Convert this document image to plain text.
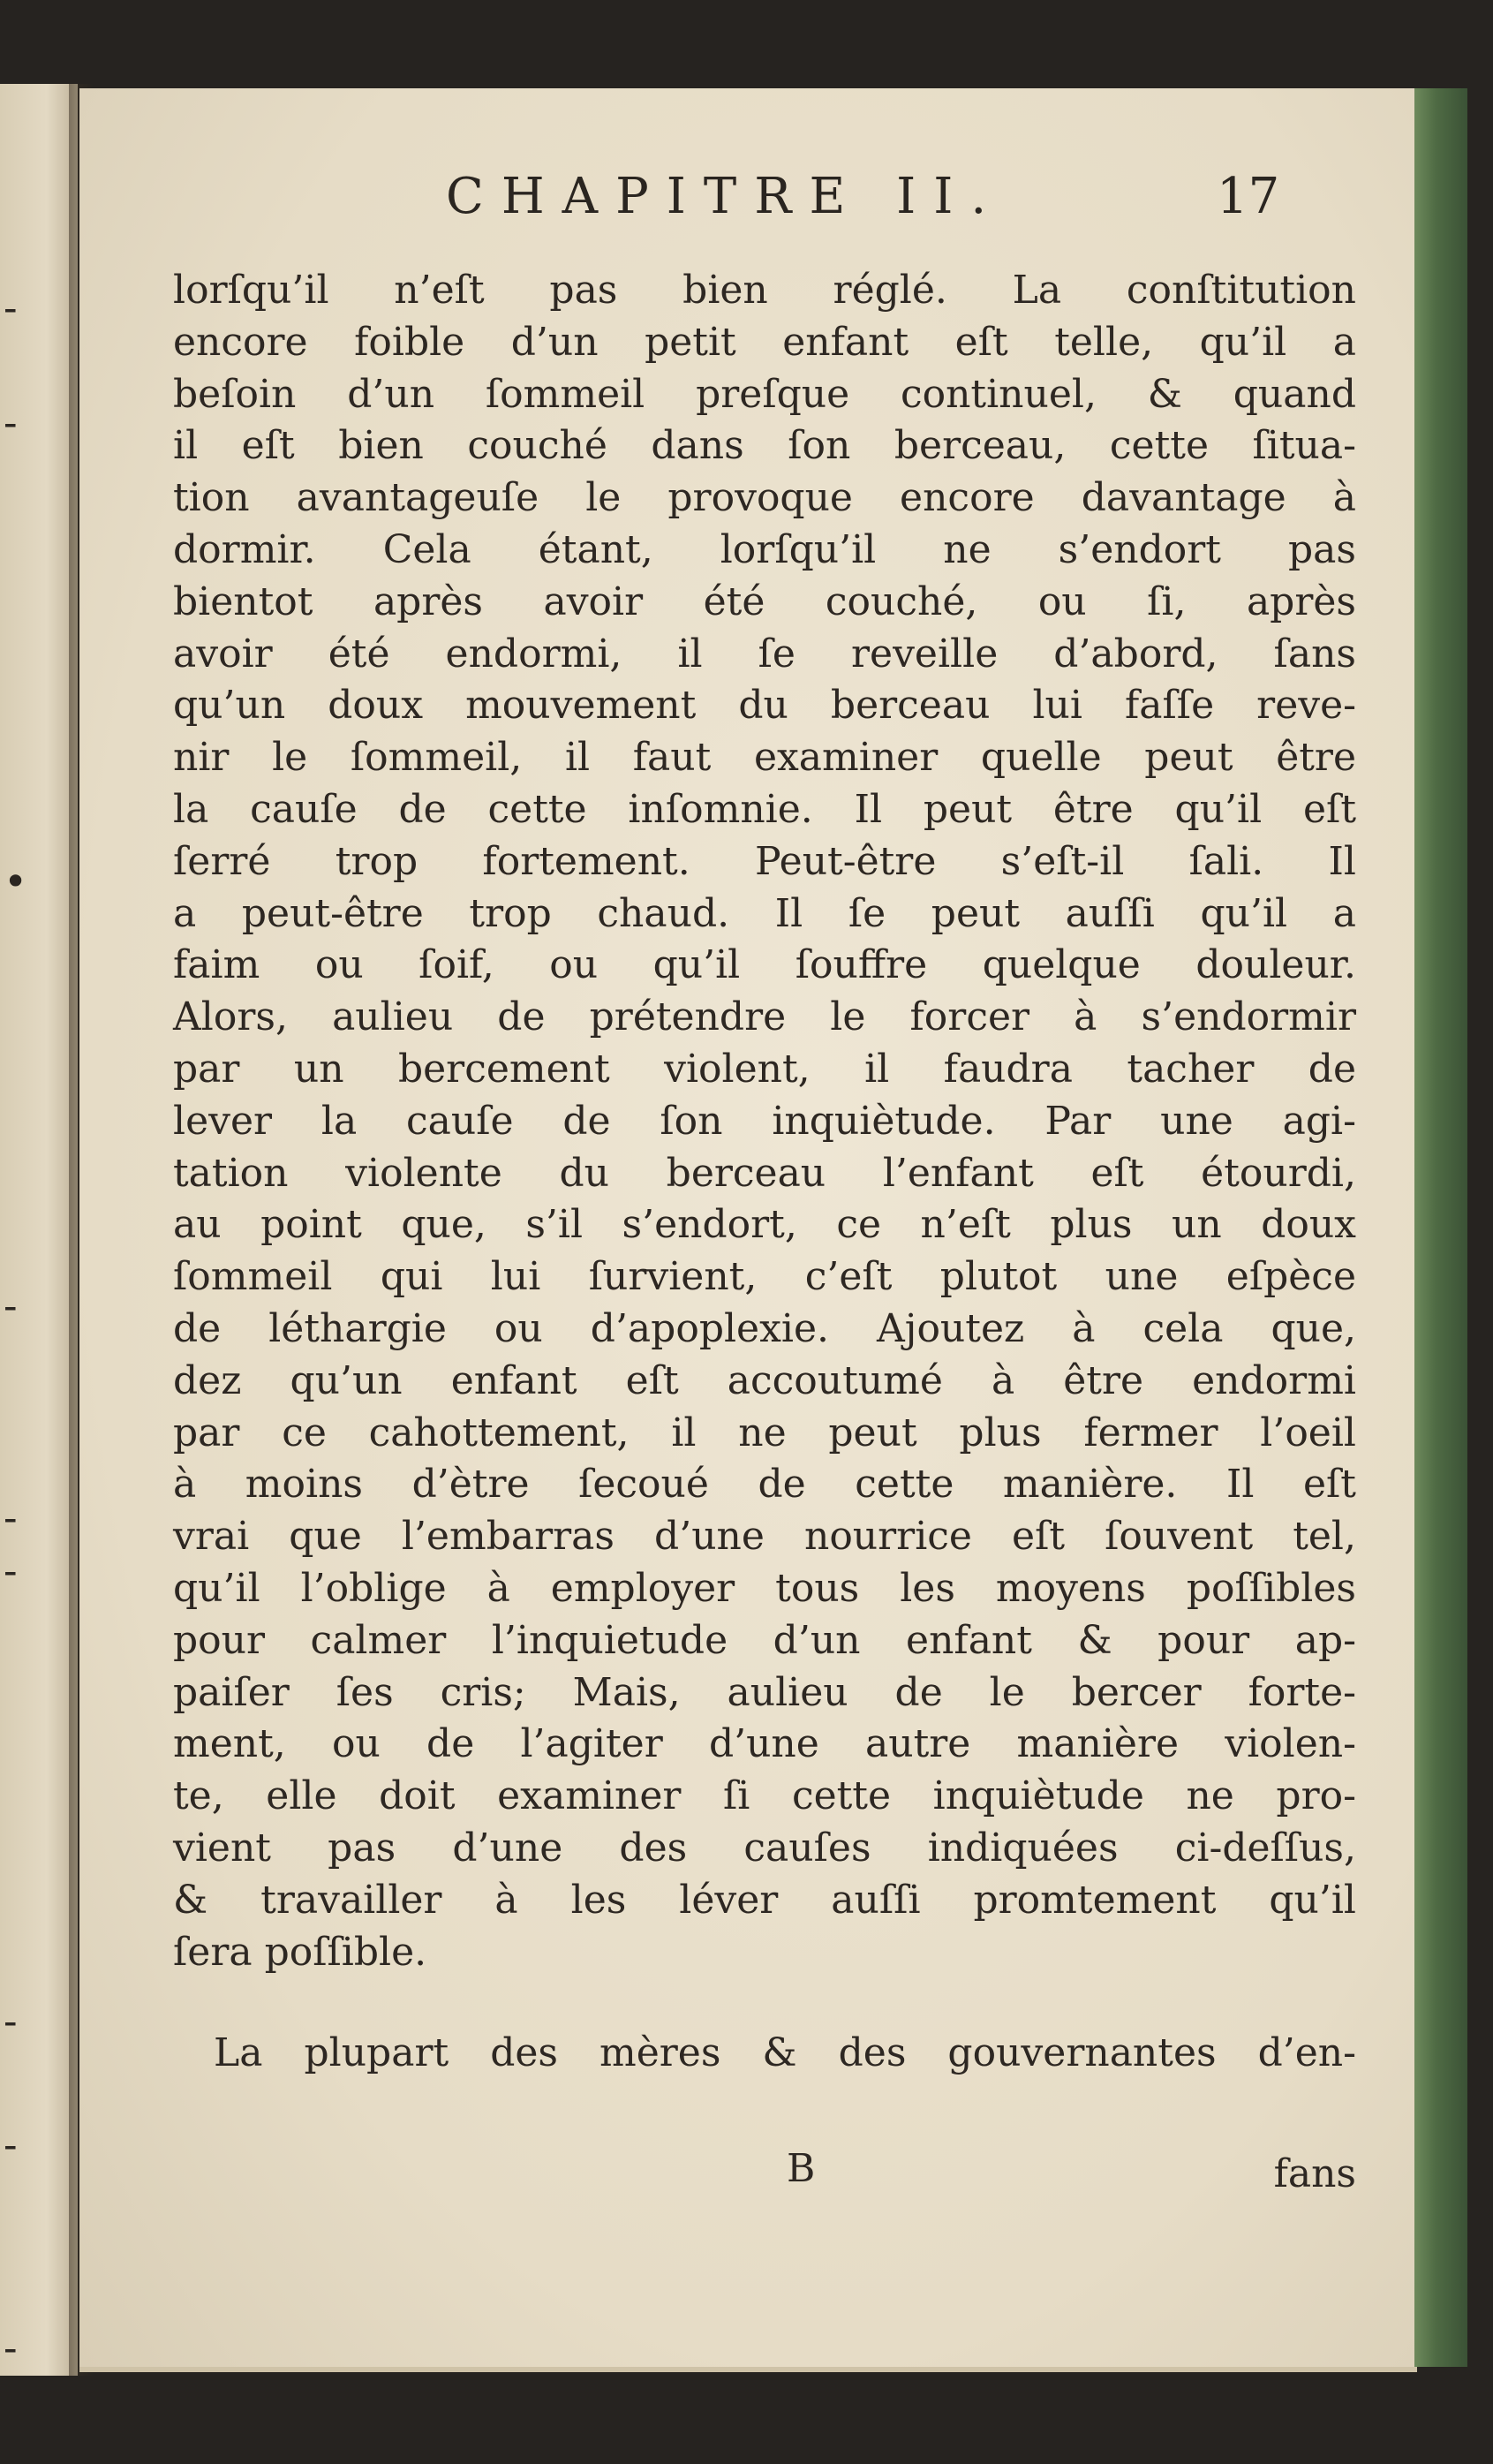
-
-
•
-
-
-
-
-
-
CHAPITRE II.	17
lorſqu’il n’eſt pas bien réglé. La conſtitution
encore foible d’un petit enfant eſt telle, qu’il a
beſoin d’un ſommeil preſque continuel, & quand
il eſt bien couché dans ſon berceau, cette ſitua-
tion avantageuſe le provoque encore davantage à
dormir. Cela étant, lorſqu’il ne s’endort pas
bientot après avoir été couché, ou ſi, après
avoir été endormi, il ſe reveille d’abord, ſans
qu’un doux mouvement du berceau lui faſſe reve-
nir le ſommeil, il faut examiner quelle peut être
la cauſe de cette inſomnie. Il peut être qu’il eſt
ſerré trop fortement. Peut-être s’eſt-il ſali. Il
a peut-être trop chaud. Il ſe peut auſſi qu’il a
faim ou ſoif, ou qu’il ſouffre quelque douleur.
Alors, aulieu de prétendre le forcer à s’endormir
par un bercement violent, il faudra tacher de
lever la cauſe de ſon inquiètude. Par une agi-
tation violente du berceau l’enfant eſt étourdi,
au point que, s’il s’endort, ce n’eſt plus un doux
ſommeil qui lui ſurvient, c’eſt plutot une eſpèce
de léthargie ou d’apoplexie. Ajoutez à cela que,
dez qu’un enfant eſt accoutumé à être endormi
par ce cahottement, il ne peut plus fermer l’oeil
à moins d’ètre ſecoué de cette manière. Il eſt
vrai que l’embarras d’une nourrice eſt ſouvent tel,
qu’il l’oblige à employer tous les moyens poſſibles
pour calmer l’inquietude d’un enfant & pour ap-
paiſer ſes cris; Mais, aulieu de le bercer forte-
ment, ou de l’agiter d’une autre manière violen-
te, elle doit examiner ſi cette inquiètude ne pro-
vient pas d’une des cauſes indiquées ci-deſſus,
& travailler à les léver auſſi promtement qu’il
ſera poſſible.
La plupart des mères & des gouvernantes d’en-
B	fans
